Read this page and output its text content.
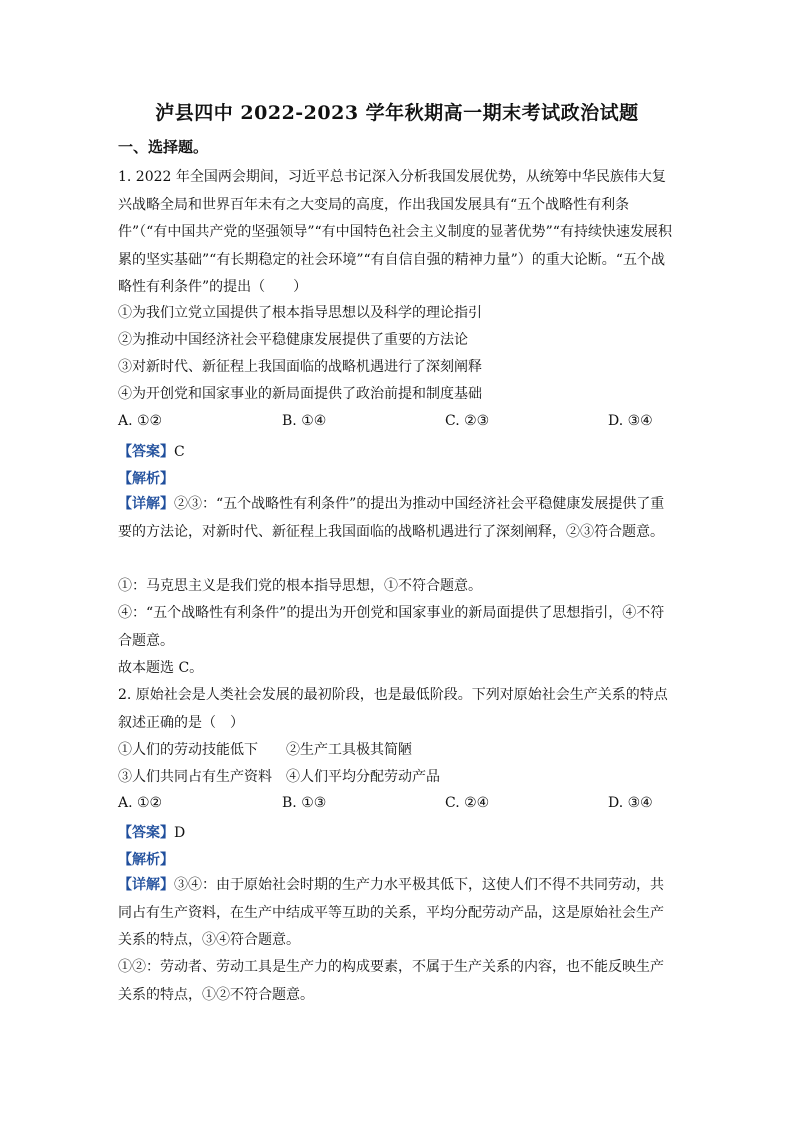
泸县四中 2022-2023 学年秋期高一期末考试政治试题
一、选择题。
1. 2022 年全国两会期间，习近平总书记深入分析我国发展优势，从统筹中华民族伟大复兴战略全局和世界百年未有之大变局的高度，作出我国发展具有“五个战略性有利条件”（“有中国共产党的坚强领导”“有中国特色社会主义制度的显著优势”“有持续快速发展积累的坚实基础”“有长期稳定的社会环境”“有自信自强的精神力量”）的重大论断。“五个战略性有利条件”的提出（　　）
①为我们立党立国提供了根本指导思想以及科学的理论指引
②为推动中国经济社会平稳健康发展提供了重要的方法论
③对新时代、新征程上我国面临的战略机遇进行了深刻阐释
④为开创党和国家事业的新局面提供了政治前提和制度基础
A. ①②	B. ①④	C. ②③	D. ③④
【答案】C
【解析】
【详解】②③：“五个战略性有利条件”的提出为推动中国经济社会平稳健康发展提供了重要的方法论，对新时代、新征程上我国面临的战略机遇进行了深刻阐释，②③符合题意。
①：马克思主义是我们党的根本指导思想，①不符合题意。
④：“五个战略性有利条件”的提出为开创党和国家事业的新局面提供了思想指引，④不符合题意。
故本题选 C。
2. 原始社会是人类社会发展的最初阶段，也是最低阶段。下列对原始社会生产关系的特点叙述正确的是（　）
①人们的劳动技能低下　　②生产工具极其简陋
③人们共同占有生产资料　④人们平均分配劳动产品
A. ①②	B. ①③	C. ②④	D. ③④
【答案】D
【解析】
【详解】③④：由于原始社会时期的生产力水平极其低下，这使人们不得不共同劳动，共同占有生产资料，在生产中结成平等互助的关系，平均分配劳动产品，这是原始社会生产关系的特点，③④符合题意。
①②：劳动者、劳动工具是生产力的构成要素，不属于生产关系的内容，也不能反映生产关系的特点，①②不符合题意。
